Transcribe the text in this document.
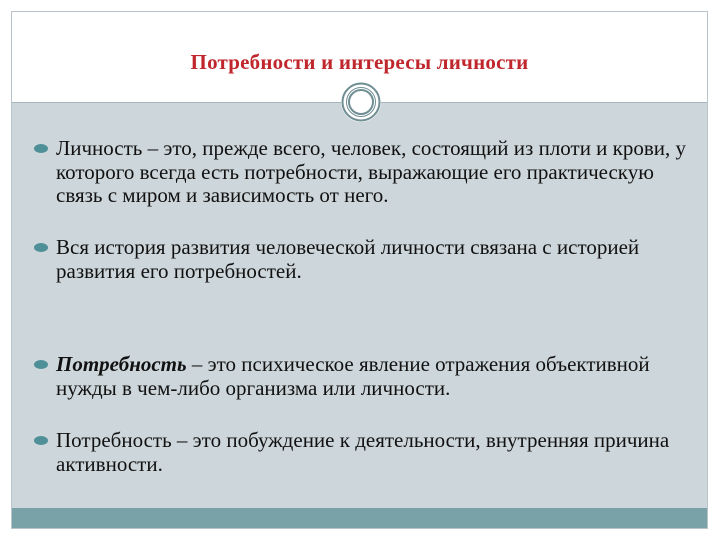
Потребности и интересы личности
Личность – это, прежде всего, человек, состоящий из плоти и крови, у которого всегда есть потребности, выражающие его практическую связь с миром и зависимость от него.
Вся история развития человеческой личности связана с историей развития его потребностей.
Потребность – это психическое явление отражения объективной нужды в чем-либо организма или личности.
Потребность – это побуждение к деятельности, внутренняя причина активности.
